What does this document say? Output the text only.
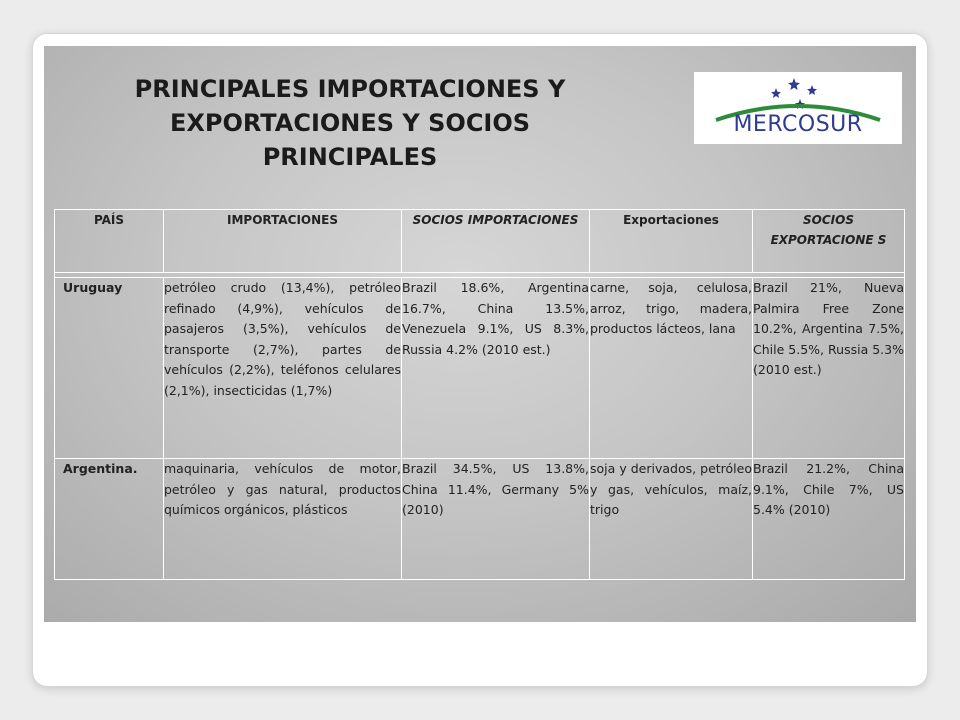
PRINCIPALES IMPORTACIONES Y EXPORTACIONES Y SOCIOS PRINCIPALES
MERCOSUR
PAÍS	IMPORTACIONES	SOCIOS IMPORTACIONES	Exportaciones	SOCIOS EXPORTACIONE S

Uruguay	petróleo crudo (13,4%), petróleo refinado (4,9%), vehículos de pasajeros (3,5%), vehículos de transporte (2,7%), partes de vehículos (2,2%), teléfonos celulares (2,1%), insecticidas (1,7%)	Brazil 18.6%, Argentina 16.7%, China 13.5%, Venezuela 9.1%, US 8.3%, Russia 4.2% (2010 est.)	carne, soja, celulosa, arroz, trigo, madera, productos lácteos, lana	Brazil 21%, Nueva Palmira Free Zone 10.2%, Argentina 7.5%, Chile 5.5%, Russia 5.3% (2010 est.)
Argentina.	maquinaria, vehículos de motor, petróleo y gas natural, productos químicos orgánicos, plásticos	Brazil 34.5%, US 13.8%, China 11.4%, Germany 5% (2010)	soja y derivados, petróleo y gas, vehículos, maíz, trigo	Brazil 21.2%, China 9.1%, Chile 7%, US 5.4% (2010)
